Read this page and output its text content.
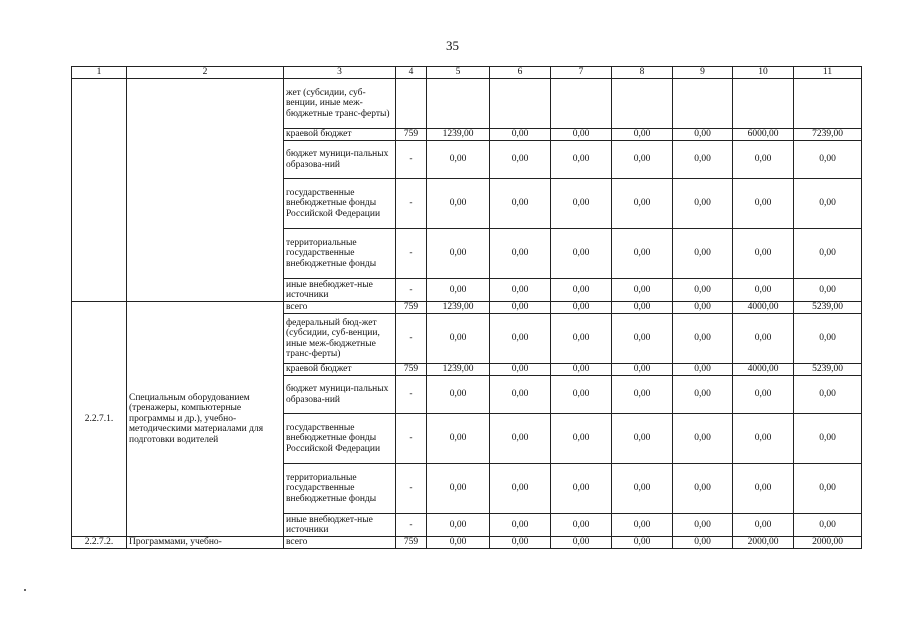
35
1	2	3	4	5	6	7	8	9	10	11
		жет (субсидии, суб-венции, иные меж-бюджетные транс-ферты)								
		краевой бюджет	759	1239,00	0,00	0,00	0,00	0,00	6000,00	7239,00
		бюджет муници-пальных образова-ний	-	0,00	0,00	0,00	0,00	0,00	0,00	0,00
		государственные внебюджетные фонды Российской Федерации	-	0,00	0,00	0,00	0,00	0,00	0,00	0,00
		территориальные государственные внебюджетные фонды	-	0,00	0,00	0,00	0,00	0,00	0,00	0,00
		иные внебюджет-ные источники	-	0,00	0,00	0,00	0,00	0,00	0,00	0,00
2.2.7.1.	Специальным оборудованием (тренажеры, компьютерные программы и др.), учебно-методическими материалами для подготовки водителей	всего	759	1239,00	0,00	0,00	0,00	0,00	4000,00	5239,00
		федеральный бюд-жет (субсидии, суб-венции, иные меж-бюджетные транс-ферты)	-	0,00	0,00	0,00	0,00	0,00	0,00	0,00
		краевой бюджет	759	1239,00	0,00	0,00	0,00	0,00	4000,00	5239,00
		бюджет муници-пальных образова-ний	-	0,00	0,00	0,00	0,00	0,00	0,00	0,00
		государственные внебюджетные фонды Российской Федерации	-	0,00	0,00	0,00	0,00	0,00	0,00	0,00
		территориальные государственные внебюджетные фонды	-	0,00	0,00	0,00	0,00	0,00	0,00	0,00
		иные внебюджет-ные источники	-	0,00	0,00	0,00	0,00	0,00	0,00	0,00
2.2.7.2.	Программами, учебно-	всего	759	0,00	0,00	0,00	0,00	0,00	2000,00	2000,00
